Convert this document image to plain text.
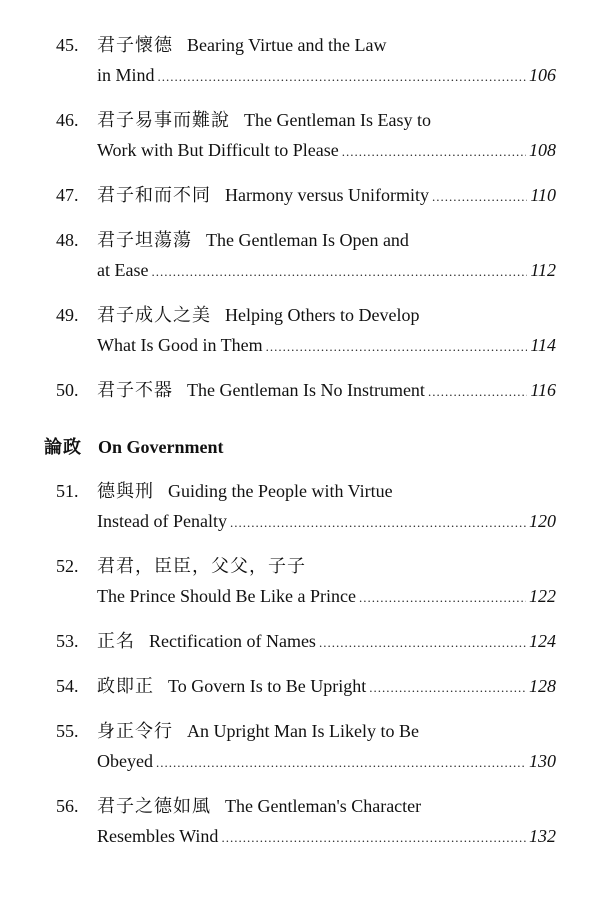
45.	君子懷德 Bearing Virtue and the Law
in Mind .....	106
46.	君子易事而難說 The Gentleman Is Easy to
Work with But Difficult to Please .....	108
47.	君子和而不同 Harmony versus Uniformity .....	110
48.	君子坦蕩蕩 The Gentleman Is Open and
at Ease .....	112
49.	君子成人之美 Helping Others to Develop
What Is Good in Them .....	114
50.	君子不器 The Gentleman Is No Instrument .....	116
論政 On Government
51.	德與刑 Guiding the People with Virtue
Instead of Penalty .....	120
52.	君君，臣臣，父父，子子
The Prince Should Be Like a Prince .....	122
53.	正名 Rectification of Names .....	124
54.	政即正 To Govern Is to Be Upright .....	128
55.	身正令行 An Upright Man Is Likely to Be
Obeyed .....	130
56.	君子之德如風 The Gentleman's Character
Resembles Wind .....	132
